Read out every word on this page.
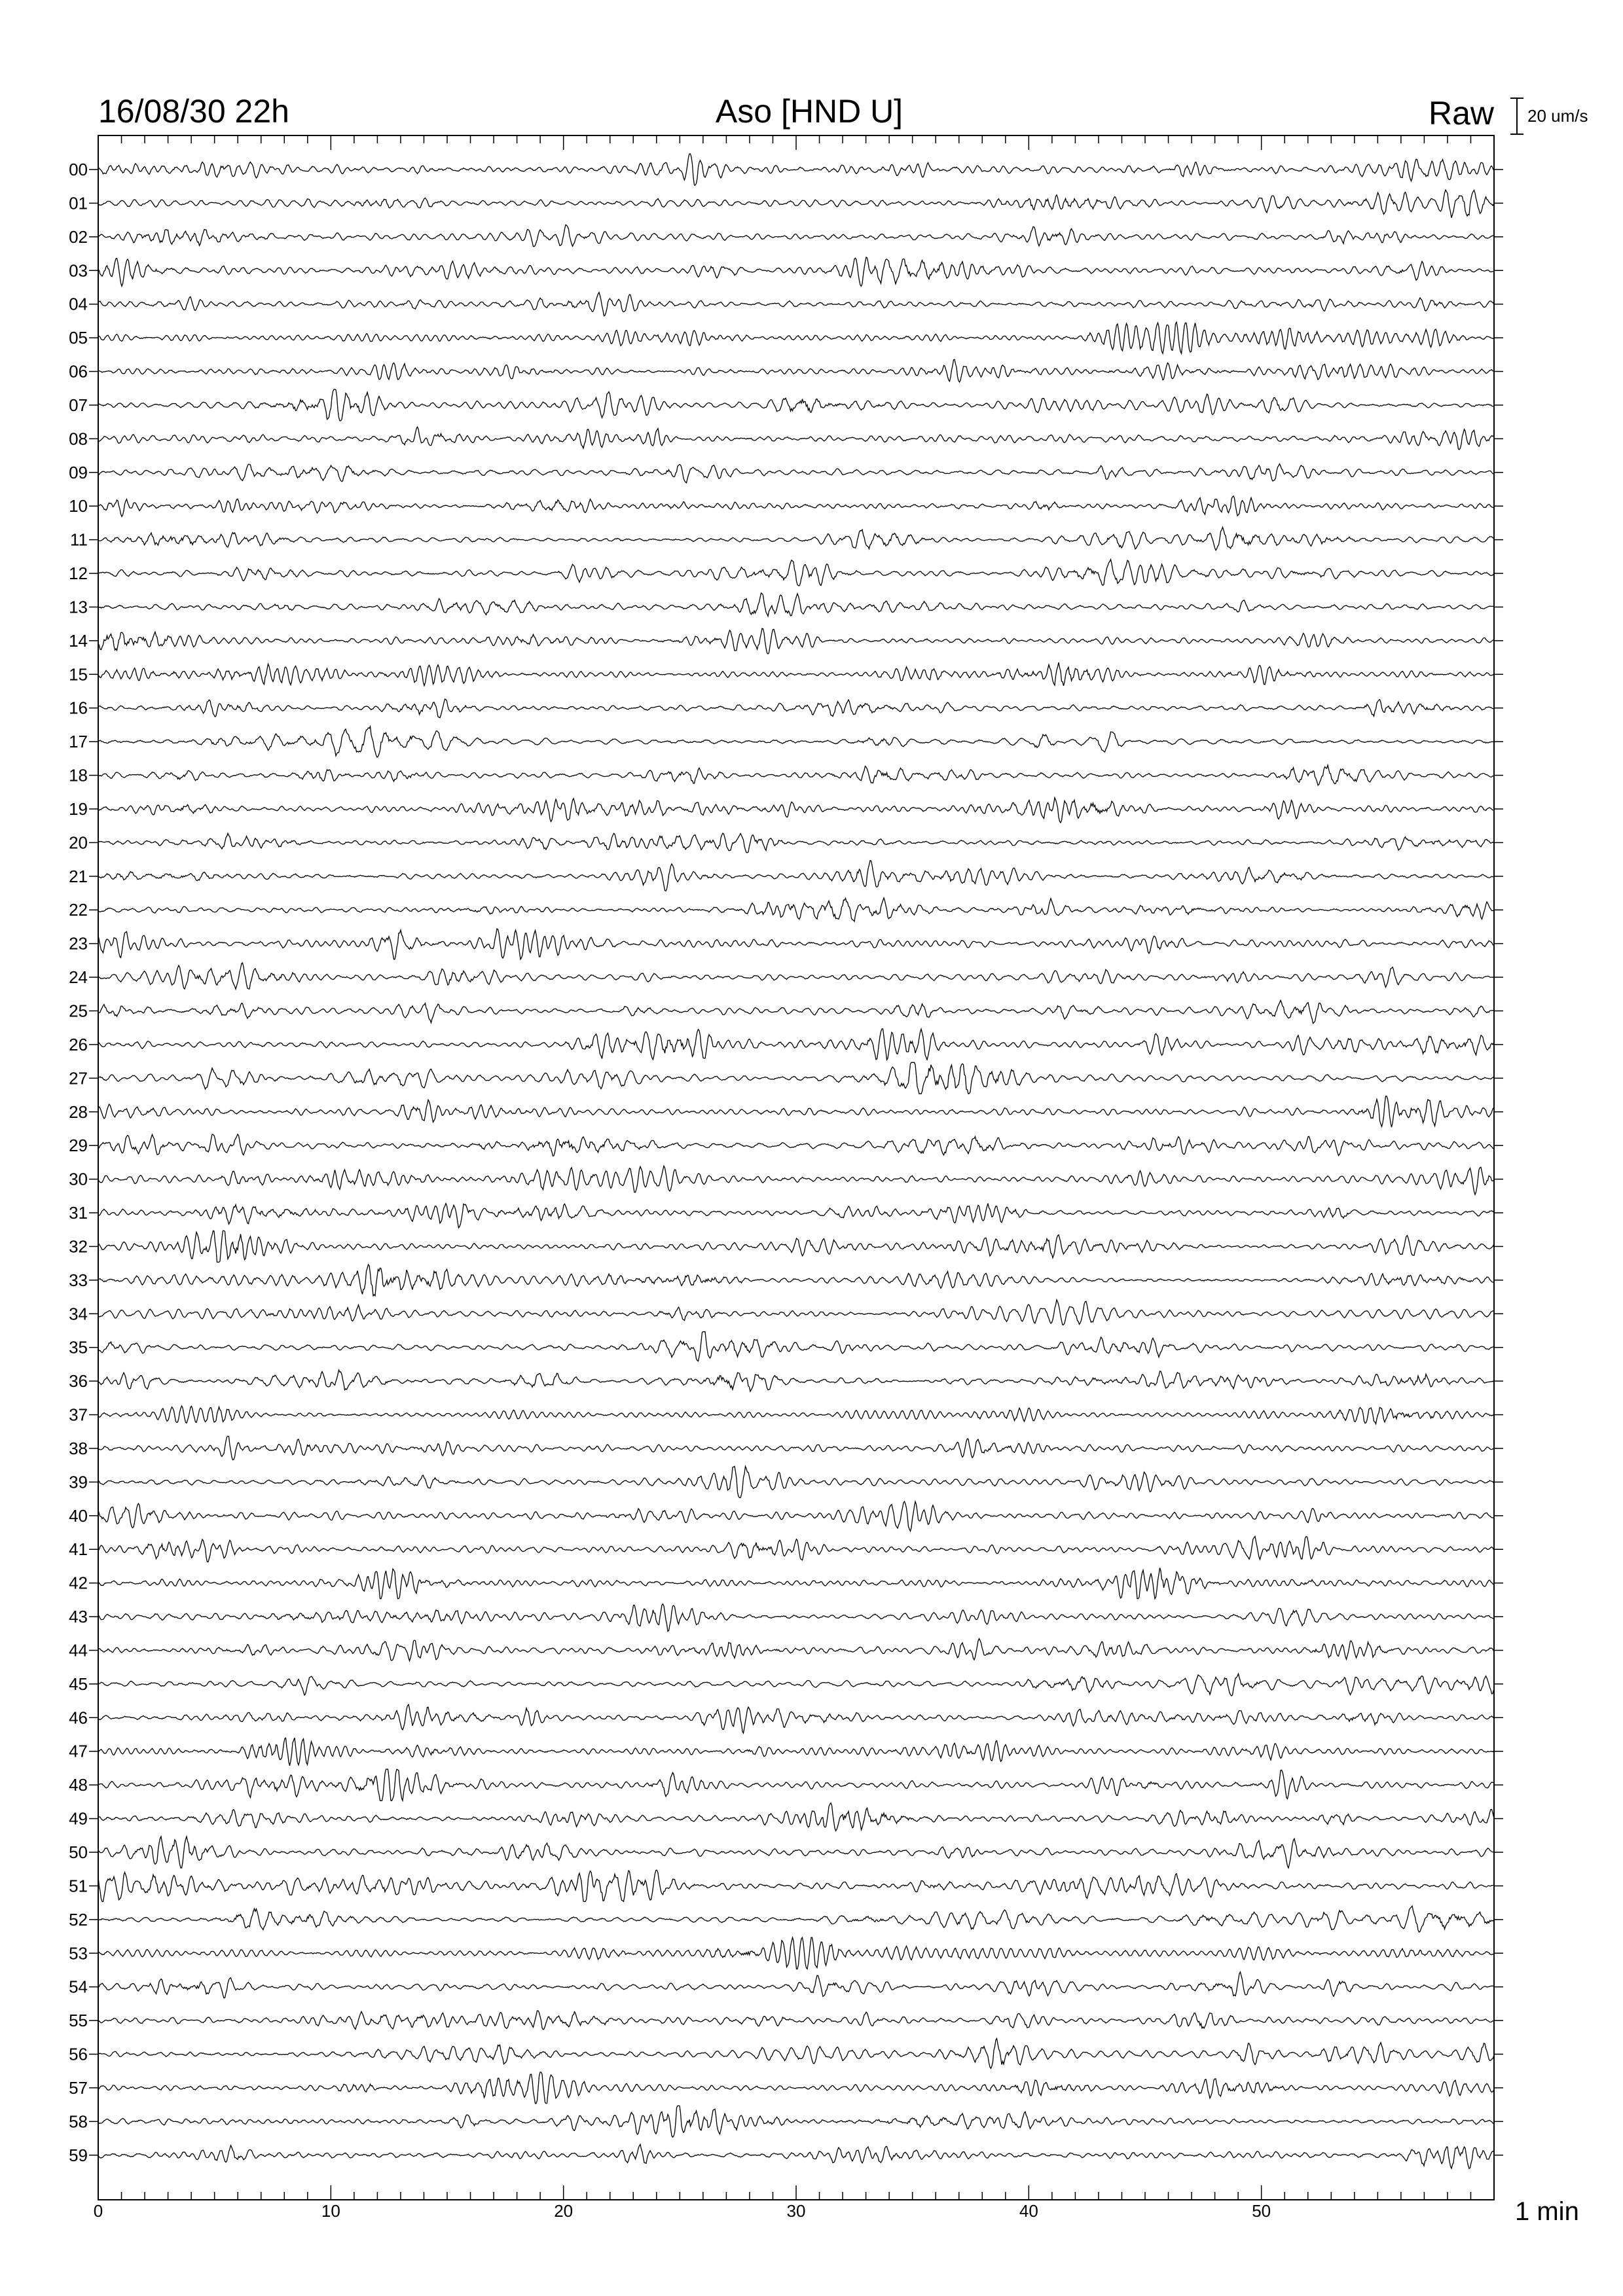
16/08/30 22h	Aso [HND U]	Raw 20 um/s
00
01
02
03
04
05
06
07
08
09
10
11
12
13
14
15
16
17
18
19
20
21
22
23
24
25
26
27
28
29
30
31
32
33
34
35
36
37
38
39
40
41
42
43
44
45
46
47
48
49
50
51
52
53
54
55
56
57
58
59
0	10	20	30	40	50	1 min
